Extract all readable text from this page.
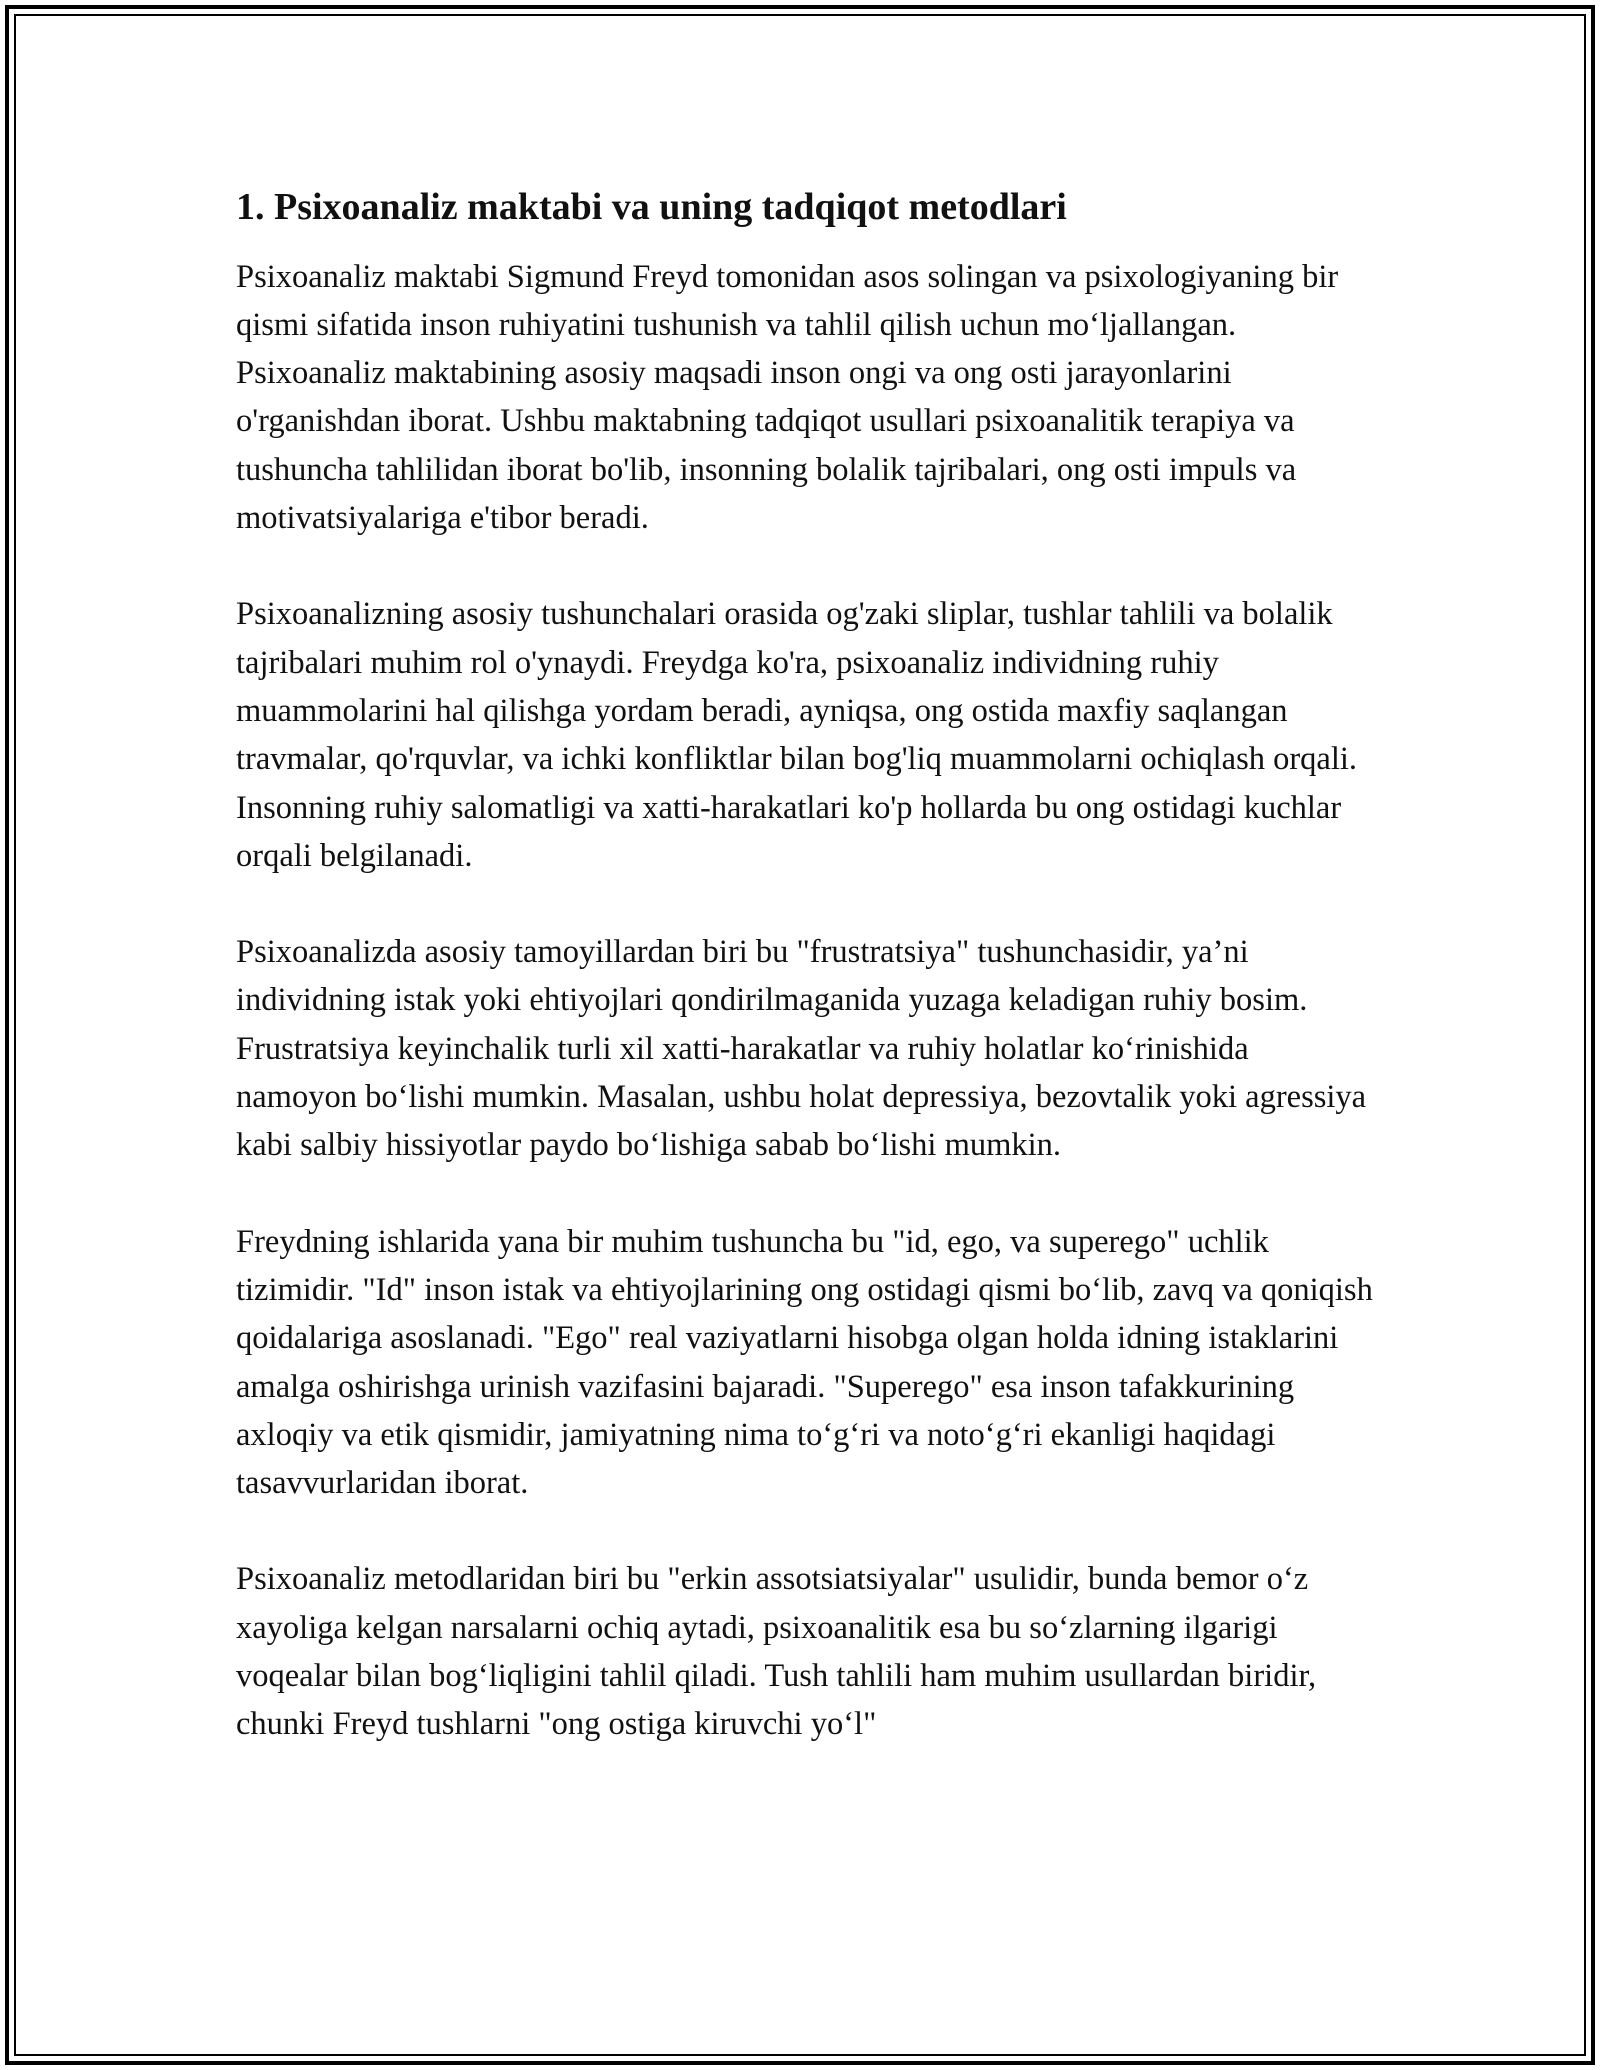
1. Psixoanaliz maktabi va uning tadqiqot metodlari

Psixoanaliz maktabi Sigmund Freyd tomonidan asos solingan va psixologiyaning bir qismi sifatida inson ruhiyatini tushunish va tahlil qilish uchun mo‘ljallangan. Psixoanaliz maktabining asosiy maqsadi inson ongi va ong osti jarayonlarini o'rganishdan iborat. Ushbu maktabning tadqiqot usullari psixoanalitik terapiya va tushuncha tahlilidan iborat bo'lib, insonning bolalik tajribalari, ong osti impuls va motivatsiyalariga e'tibor beradi.

Psixoanalizning asosiy tushunchalari orasida og'zaki sliplar, tushlar tahlili va bolalik tajribalari muhim rol o'ynaydi. Freydga ko'ra, psixoanaliz individning ruhiy muammolarini hal qilishga yordam beradi, ayniqsa, ong ostida maxfiy saqlangan travmalar, qo'rquvlar, va ichki konfliktlar bilan bog'liq muammolarni ochiqlash orqali. Insonning ruhiy salomatligi va xatti-harakatlari ko'p hollarda bu ong ostidagi kuchlar orqali belgilanadi.

Psixoanalizda asosiy tamoyillardan biri bu "frustratsiya" tushunchasidir, ya’ni individning istak yoki ehtiyojlari qondirilmaganida yuzaga keladigan ruhiy bosim. Frustratsiya keyinchalik turli xil xatti-harakatlar va ruhiy holatlar ko‘rinishida namoyon bo‘lishi mumkin. Masalan, ushbu holat depressiya, bezovtalik yoki agressiya kabi salbiy hissiyotlar paydo bo‘lishiga sabab bo‘lishi mumkin.

Freydning ishlarida yana bir muhim tushuncha bu "id, ego, va superego" uchlik tizimidir. "Id" inson istak va ehtiyojlarining ong ostidagi qismi bo‘lib, zavq va qoniqish qoidalariga asoslanadi. "Ego" real vaziyatlarni hisobga olgan holda idning istaklarini amalga oshirishga urinish vazifasini bajaradi. "Superego" esa inson tafakkurining axloqiy va etik qismidir, jamiyatning nima to‘g‘ri va noto‘g‘ri ekanligi haqidagi tasavvurlaridan iborat.

Psixoanaliz metodlaridan biri bu "erkin assotsiatsiyalar" usulidir, bunda bemor o‘z xayoliga kelgan narsalarni ochiq aytadi, psixoanalitik esa bu so‘zlarning ilgarigi voqealar bilan bog‘liqligini tahlil qiladi. Tush tahlili ham muhim usullardan biridir, chunki Freyd tushlarni "ong ostiga kiruvchi yo‘l"
